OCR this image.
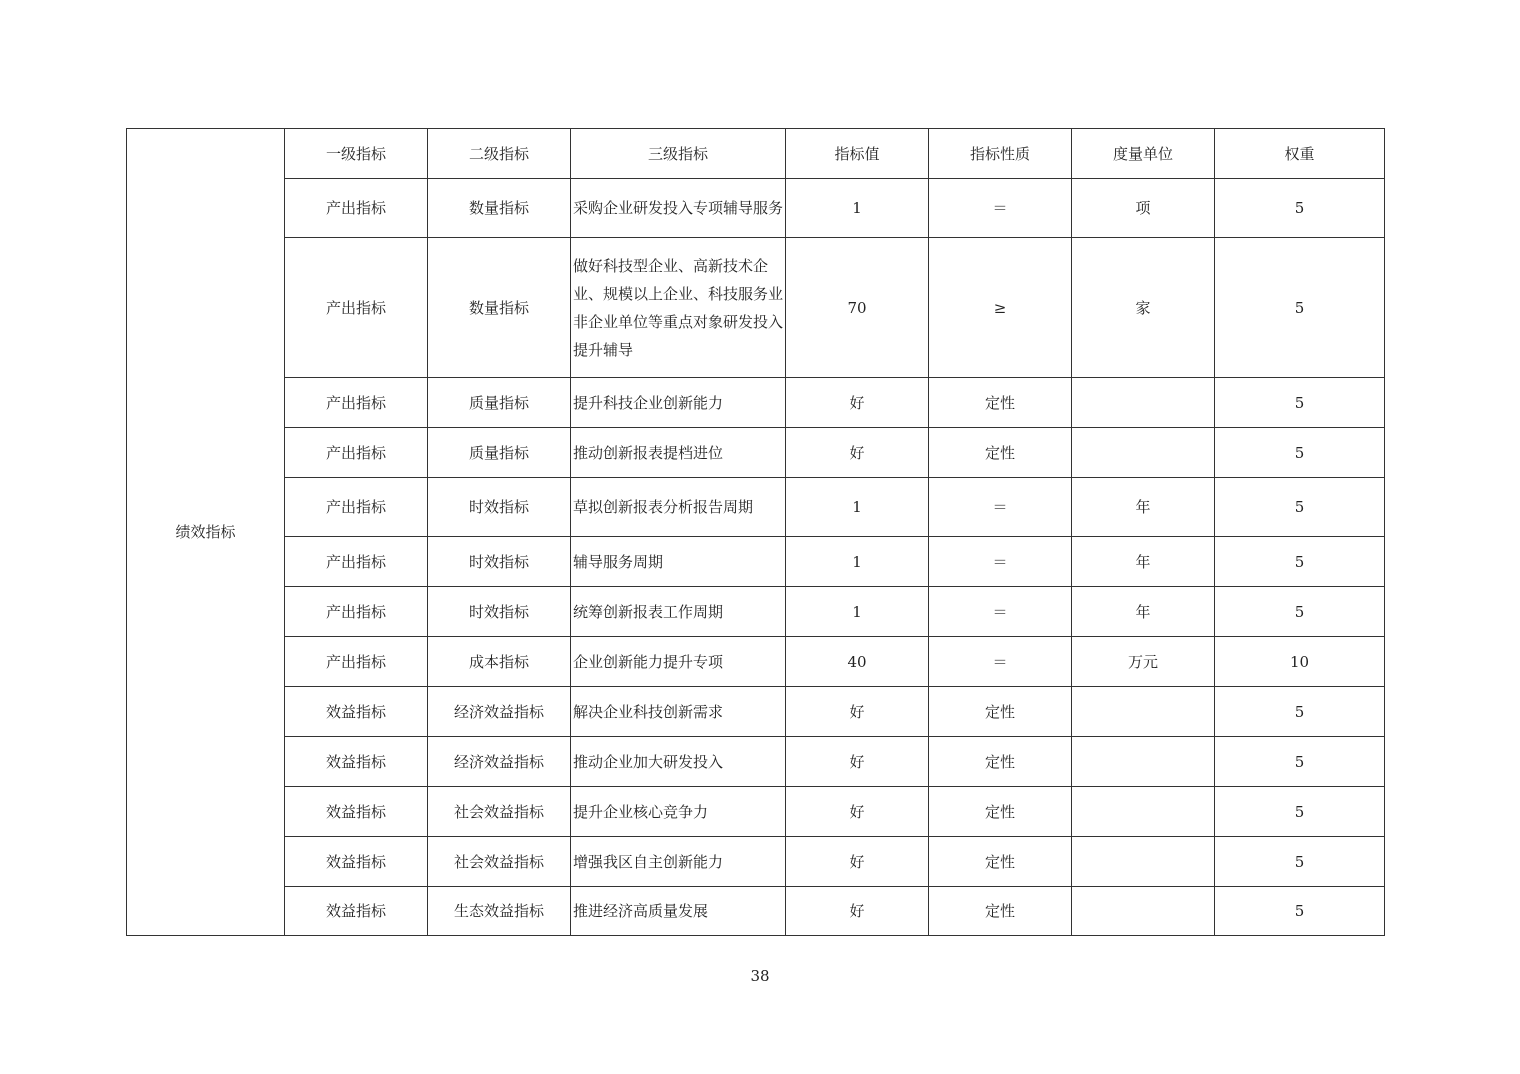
绩效指标	一级指标	二级指标	三级指标	指标值	指标性质	度量单位	权重
	产出指标	数量指标	采购企业研发投入专项辅导服务	1	＝	项	5
	产出指标	数量指标	做好科技型企业、高新技术企业、规模以上企业、科技服务业非企业单位等重点对象研发投入提升辅导	70	≥	家	5
	产出指标	质量指标	提升科技企业创新能力	好	定性		5
	产出指标	质量指标	推动创新报表提档进位	好	定性		5
	产出指标	时效指标	草拟创新报表分析报告周期	1	＝	年	5
	产出指标	时效指标	辅导服务周期	1	＝	年	5
	产出指标	时效指标	统筹创新报表工作周期	1	＝	年	5
	产出指标	成本指标	企业创新能力提升专项	40	＝	万元	10
	效益指标	经济效益指标	解决企业科技创新需求	好	定性		5
	效益指标	经济效益指标	推动企业加大研发投入	好	定性		5
	效益指标	社会效益指标	提升企业核心竞争力	好	定性		5
	效益指标	社会效益指标	增强我区自主创新能力	好	定性		5
	效益指标	生态效益指标	推进经济高质量发展	好	定性		5
38
